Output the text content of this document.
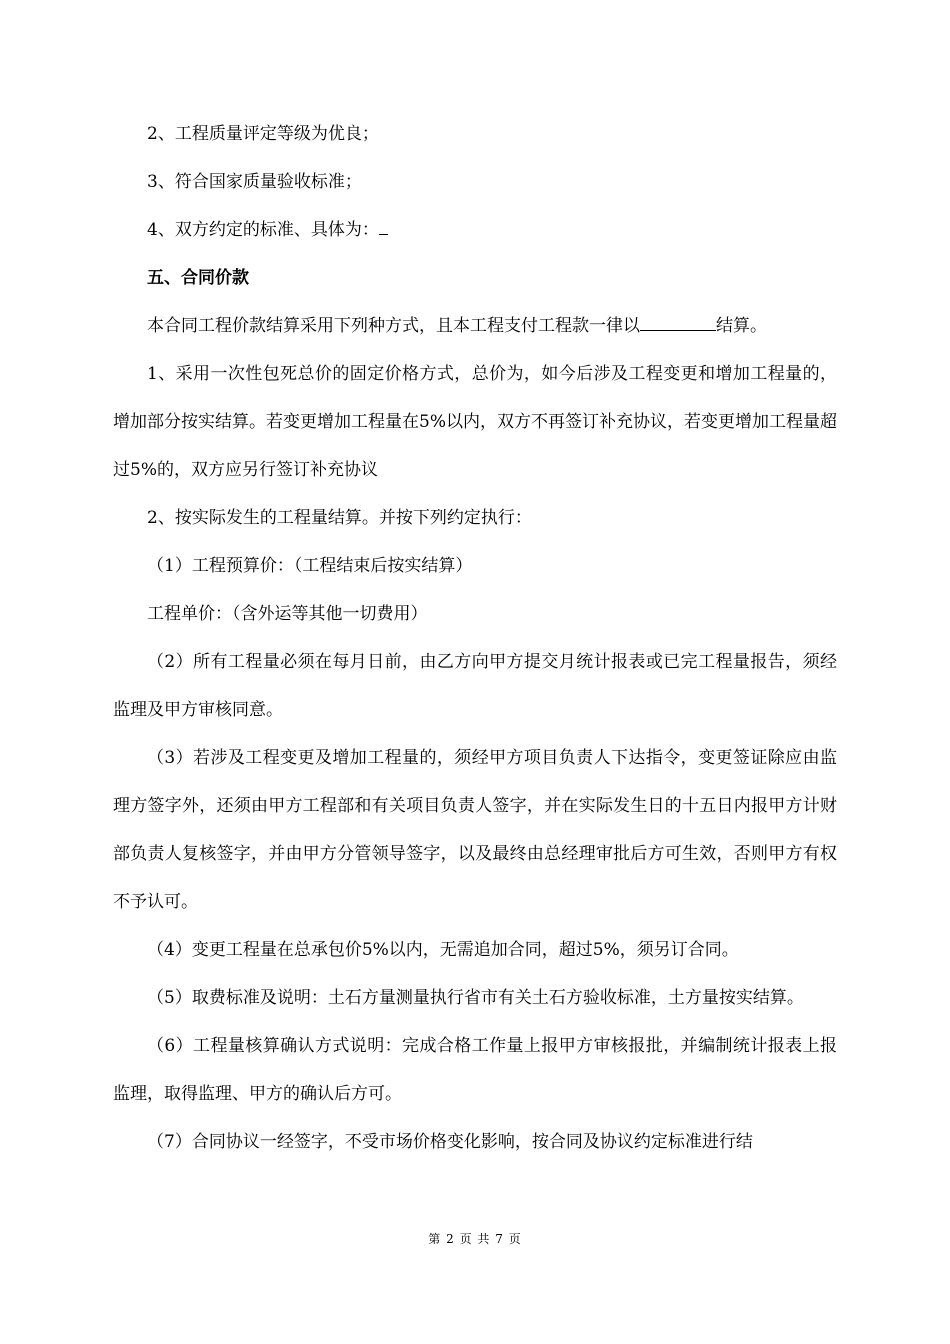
2、工程质量评定等级为优良；

3、符合国家质量验收标准；

4、双方约定的标准、具体为：

五、合同价款

本合同工程价款结算采用下列种方式，且本工程支付工程款一律以	结算。

1、采用一次性包死总价的固定价格方式，总价为，如今后涉及工程变更和增加工程量的，增加部分按实结算。若变更增加工程量在5%以内，双方不再签订补充协议，若变更增加工程量超过5%的，双方应另行签订补充协议

2、按实际发生的工程量结算。并按下列约定执行：

（1）工程预算价：（工程结束后按实结算）

工程单价：（含外运等其他一切费用）

（2）所有工程量必须在每月日前，由乙方向甲方提交月统计报表或已完工程量报告，须经监理及甲方审核同意。

（3）若涉及工程变更及增加工程量的，须经甲方项目负责人下达指令，变更签证除应由监理方签字外，还须由甲方工程部和有关项目负责人签字，并在实际发生日的十五日内报甲方计财部负责人复核签字，并由甲方分管领导签字，以及最终由总经理审批后方可生效，否则甲方有权不予认可。

（4）变更工程量在总承包价5%以内，无需追加合同，超过5%，须另订合同。

（5）取费标准及说明：土石方量测量执行省市有关土石方验收标准，土方量按实结算。

（6）工程量核算确认方式说明：完成合格工作量上报甲方审核报批，并编制统计报表上报监理，取得监理、甲方的确认后方可。

（7）合同协议一经签字，不受市场价格变化影响，按合同及协议约定标准进行结

第 2 页 共 7 页
